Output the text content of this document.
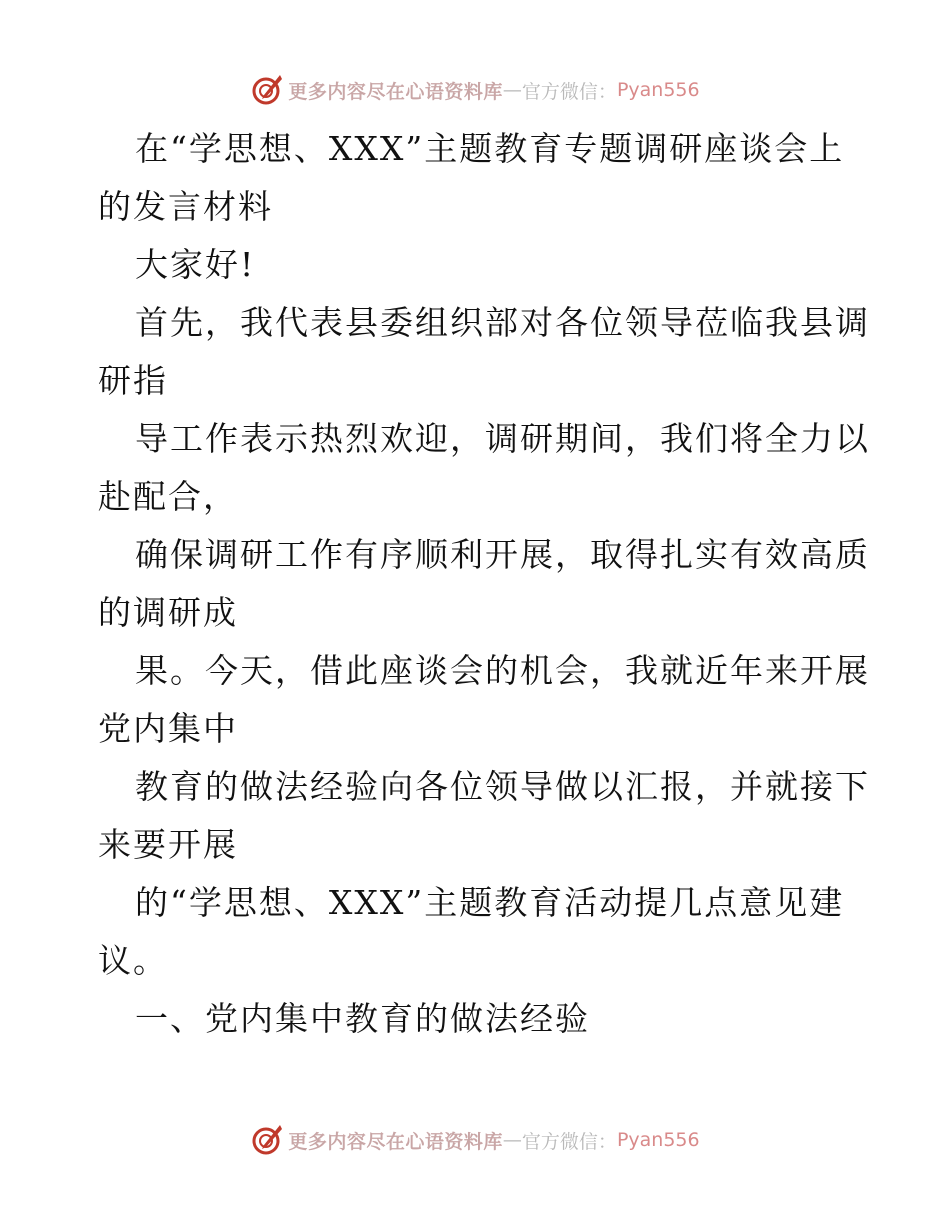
更多内容尽在心语资料库 — 官方微信： Pyan556
在“学思想、XXX”主题教育专题调研座谈会上
的发言材料
大家好!
首先，我代表县委组织部对各位领导莅临我县调
研指
导工作表示热烈欢迎，调研期间，我们将全力以
赴配合，
确保调研工作有序顺利开展，取得扎实有效高质
的调研成
果。今天，借此座谈会的机会，我就近年来开展
党内集中
教育的做法经验向各位领导做以汇报，并就接下
来要开展
的“学思想、XXX”主题教育活动提几点意见建
议。
一、党内集中教育的做法经验
更多内容尽在心语资料库 — 官方微信： Pyan556
